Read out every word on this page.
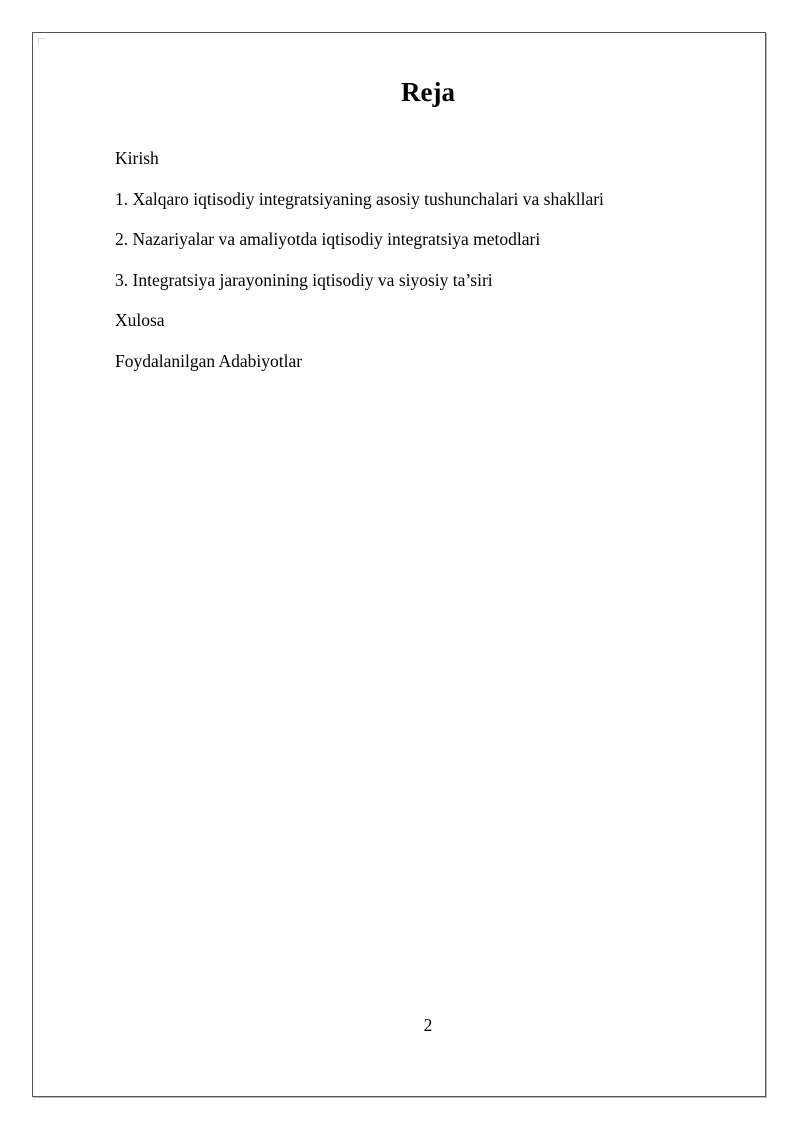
Reja
Kirish
1. Xalqaro iqtisodiy integratsiyaning asosiy tushunchalari va shakllari
2. Nazariyalar va amaliyotda iqtisodiy integratsiya metodlari
3. Integratsiya jarayonining iqtisodiy va siyosiy ta’siri
Xulosa
Foydalanilgan Adabiyotlar
2
